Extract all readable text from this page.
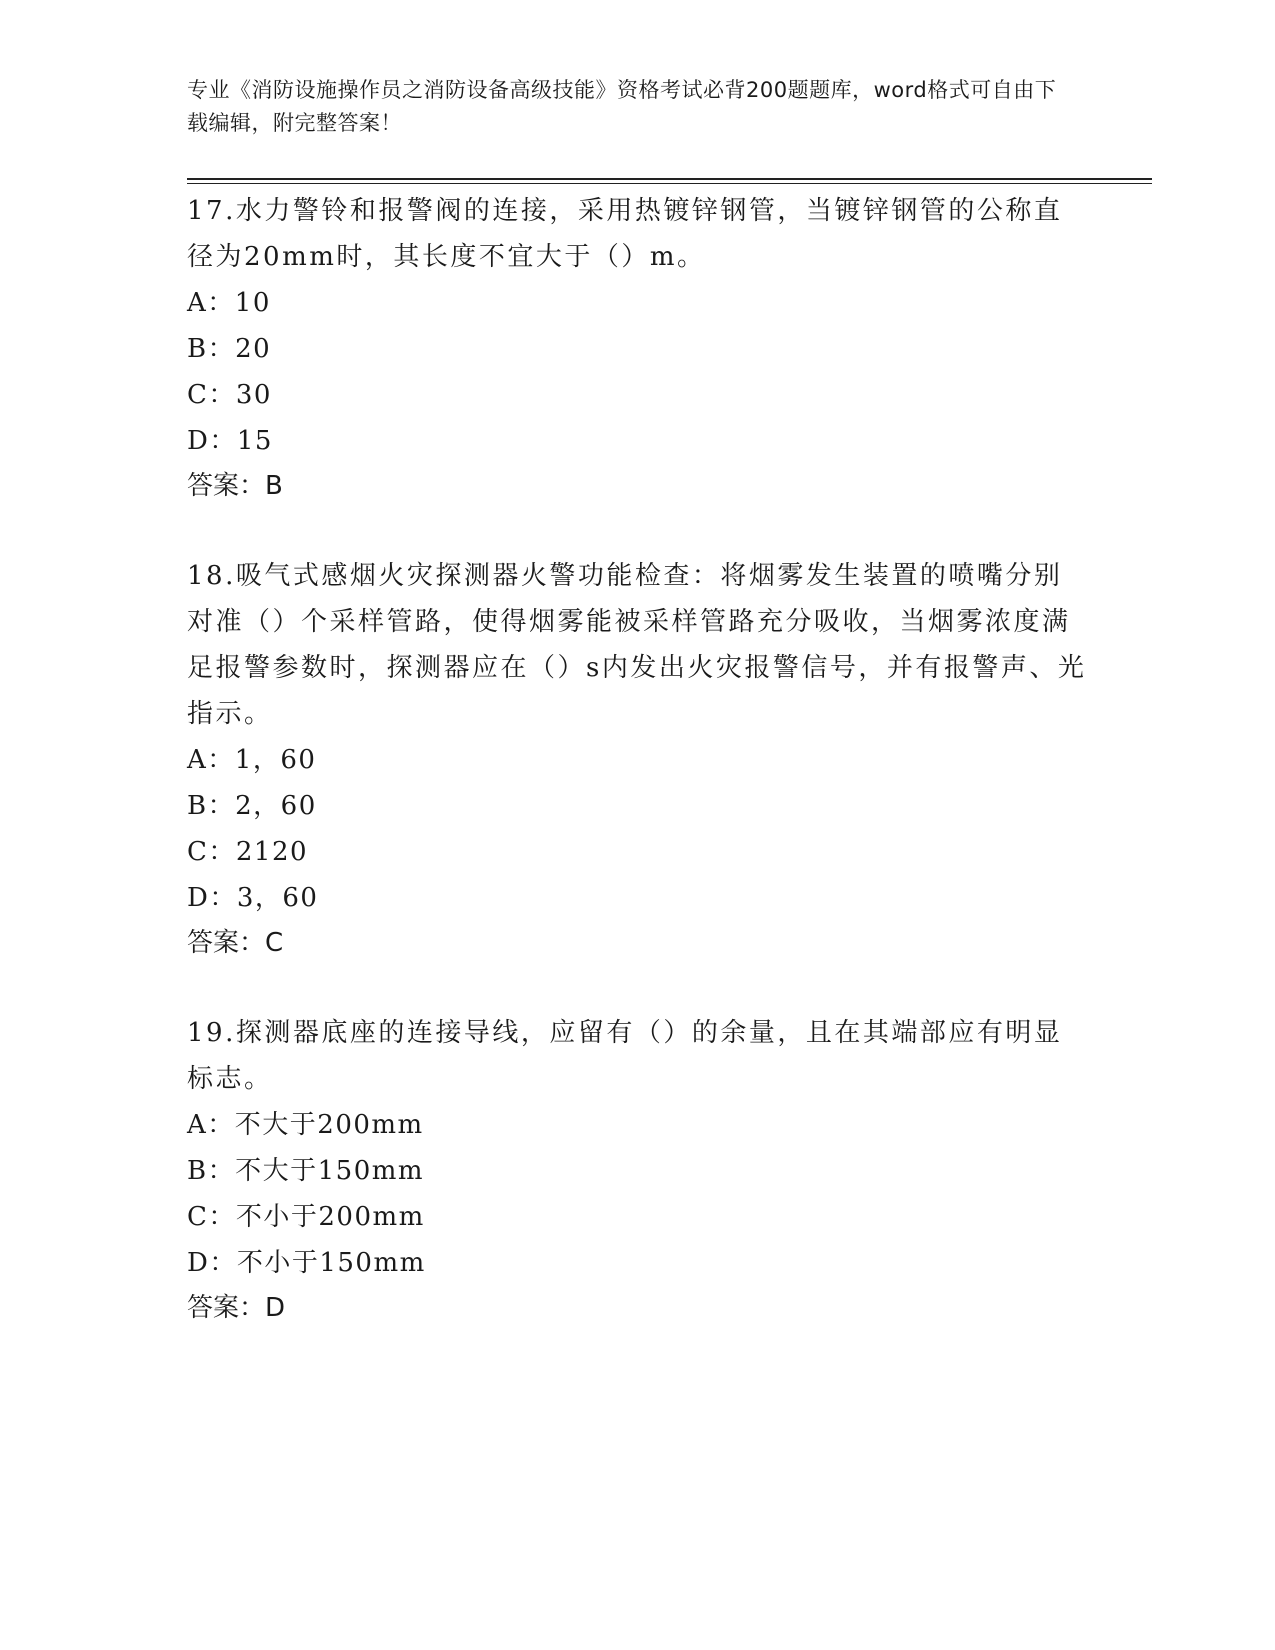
专业《消防设施操作员之消防设备高级技能》资格考试必背200题题库，word格式可自由下载编辑，附完整答案！

17.水力警铃和报警阀的连接，采用热镀锌钢管，当镀锌钢管的公称直径为20mm时，其长度不宜大于（）m。

A：10

B：20

C：30

D：15

答案：B

18.吸气式感烟火灾探测器火警功能检查：将烟雾发生装置的喷嘴分别对准（）个采样管路，使得烟雾能被采样管路充分吸收，当烟雾浓度满足报警参数时，探测器应在（）s内发出火灾报警信号，并有报警声、光指示。

A：1，60

B：2，60

C：2120

D：3，60

答案：C

19.探测器底座的连接导线，应留有（）的余量，且在其端部应有明显标志。

A：不大于200mm

B：不大于150mm

C：不小于200mm

D：不小于150mm

答案：D
